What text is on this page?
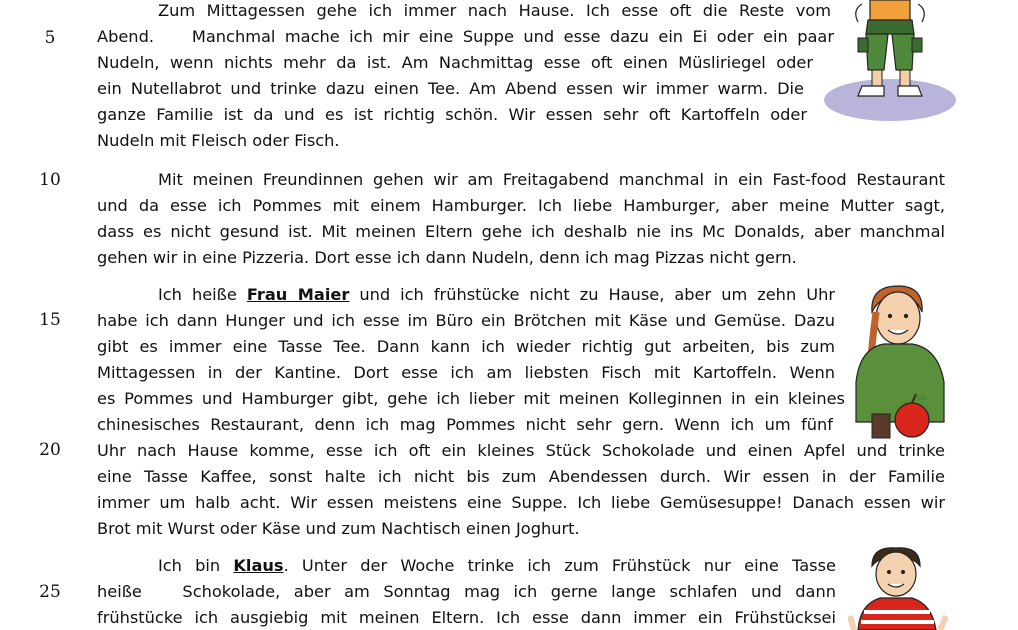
5
10
15
20
25
Zum Mittagessen gehe ich immer nach Hause. Ich esse oft die Reste vom
Abend.    Manchmal mache ich mir eine Suppe und esse dazu ein Ei oder ein paar
Nudeln, wenn nichts mehr da ist. Am Nachmittag esse oft einen Müsliriegel oder
ein Nutellabrot und trinke dazu einen Tee. Am Abend essen wir immer warm. Die
ganze Familie ist da und es ist richtig schön. Wir essen sehr oft Kartoffeln oder
Nudeln mit Fleisch oder Fisch.
Mit meinen Freundinnen gehen wir am Freitagabend manchmal in ein Fast-food Restaurant
und da esse ich Pommes mit einem Hamburger. Ich liebe Hamburger, aber meine Mutter sagt,
dass es nicht gesund ist. Mit meinen Eltern gehe ich deshalb nie ins Mc Donalds, aber manchmal
gehen wir in eine Pizzeria. Dort esse ich dann Nudeln, denn ich mag Pizzas nicht gern.
Ich heiße Frau Maier und ich frühstücke nicht zu Hause, aber um zehn Uhr
habe ich dann Hunger und ich esse im Büro ein Brötchen mit Käse und Gemüse. Dazu
gibt es immer eine Tasse Tee. Dann kann ich wieder richtig gut arbeiten, bis zum
Mittagessen in der Kantine. Dort esse ich am liebsten Fisch mit Kartoffeln. Wenn
es Pommes und Hamburger gibt, gehe ich lieber mit meinen Kolleginnen in ein kleines
chinesisches Restaurant, denn ich mag Pommes nicht sehr gern. Wenn ich um fünf
Uhr nach Hause komme, esse ich oft ein kleines Stück Schokolade und einen Apfel und trinke
eine Tasse Kaffee, sonst halte ich nicht bis zum Abendessen durch. Wir essen in der Familie
immer um halb acht. Wir essen meistens eine Suppe. Ich liebe Gemüsesuppe! Danach essen wir
Brot mit Wurst oder Käse und zum Nachtisch einen Joghurt.
Ich bin Klaus. Unter der Woche trinke ich zum Frühstück nur eine Tasse
heiße   Schokolade, aber am Sonntag mag ich gerne lange schlafen und dann
frühstücke ich ausgiebig mit meinen Eltern. Ich esse dann immer ein Frühstücksei
